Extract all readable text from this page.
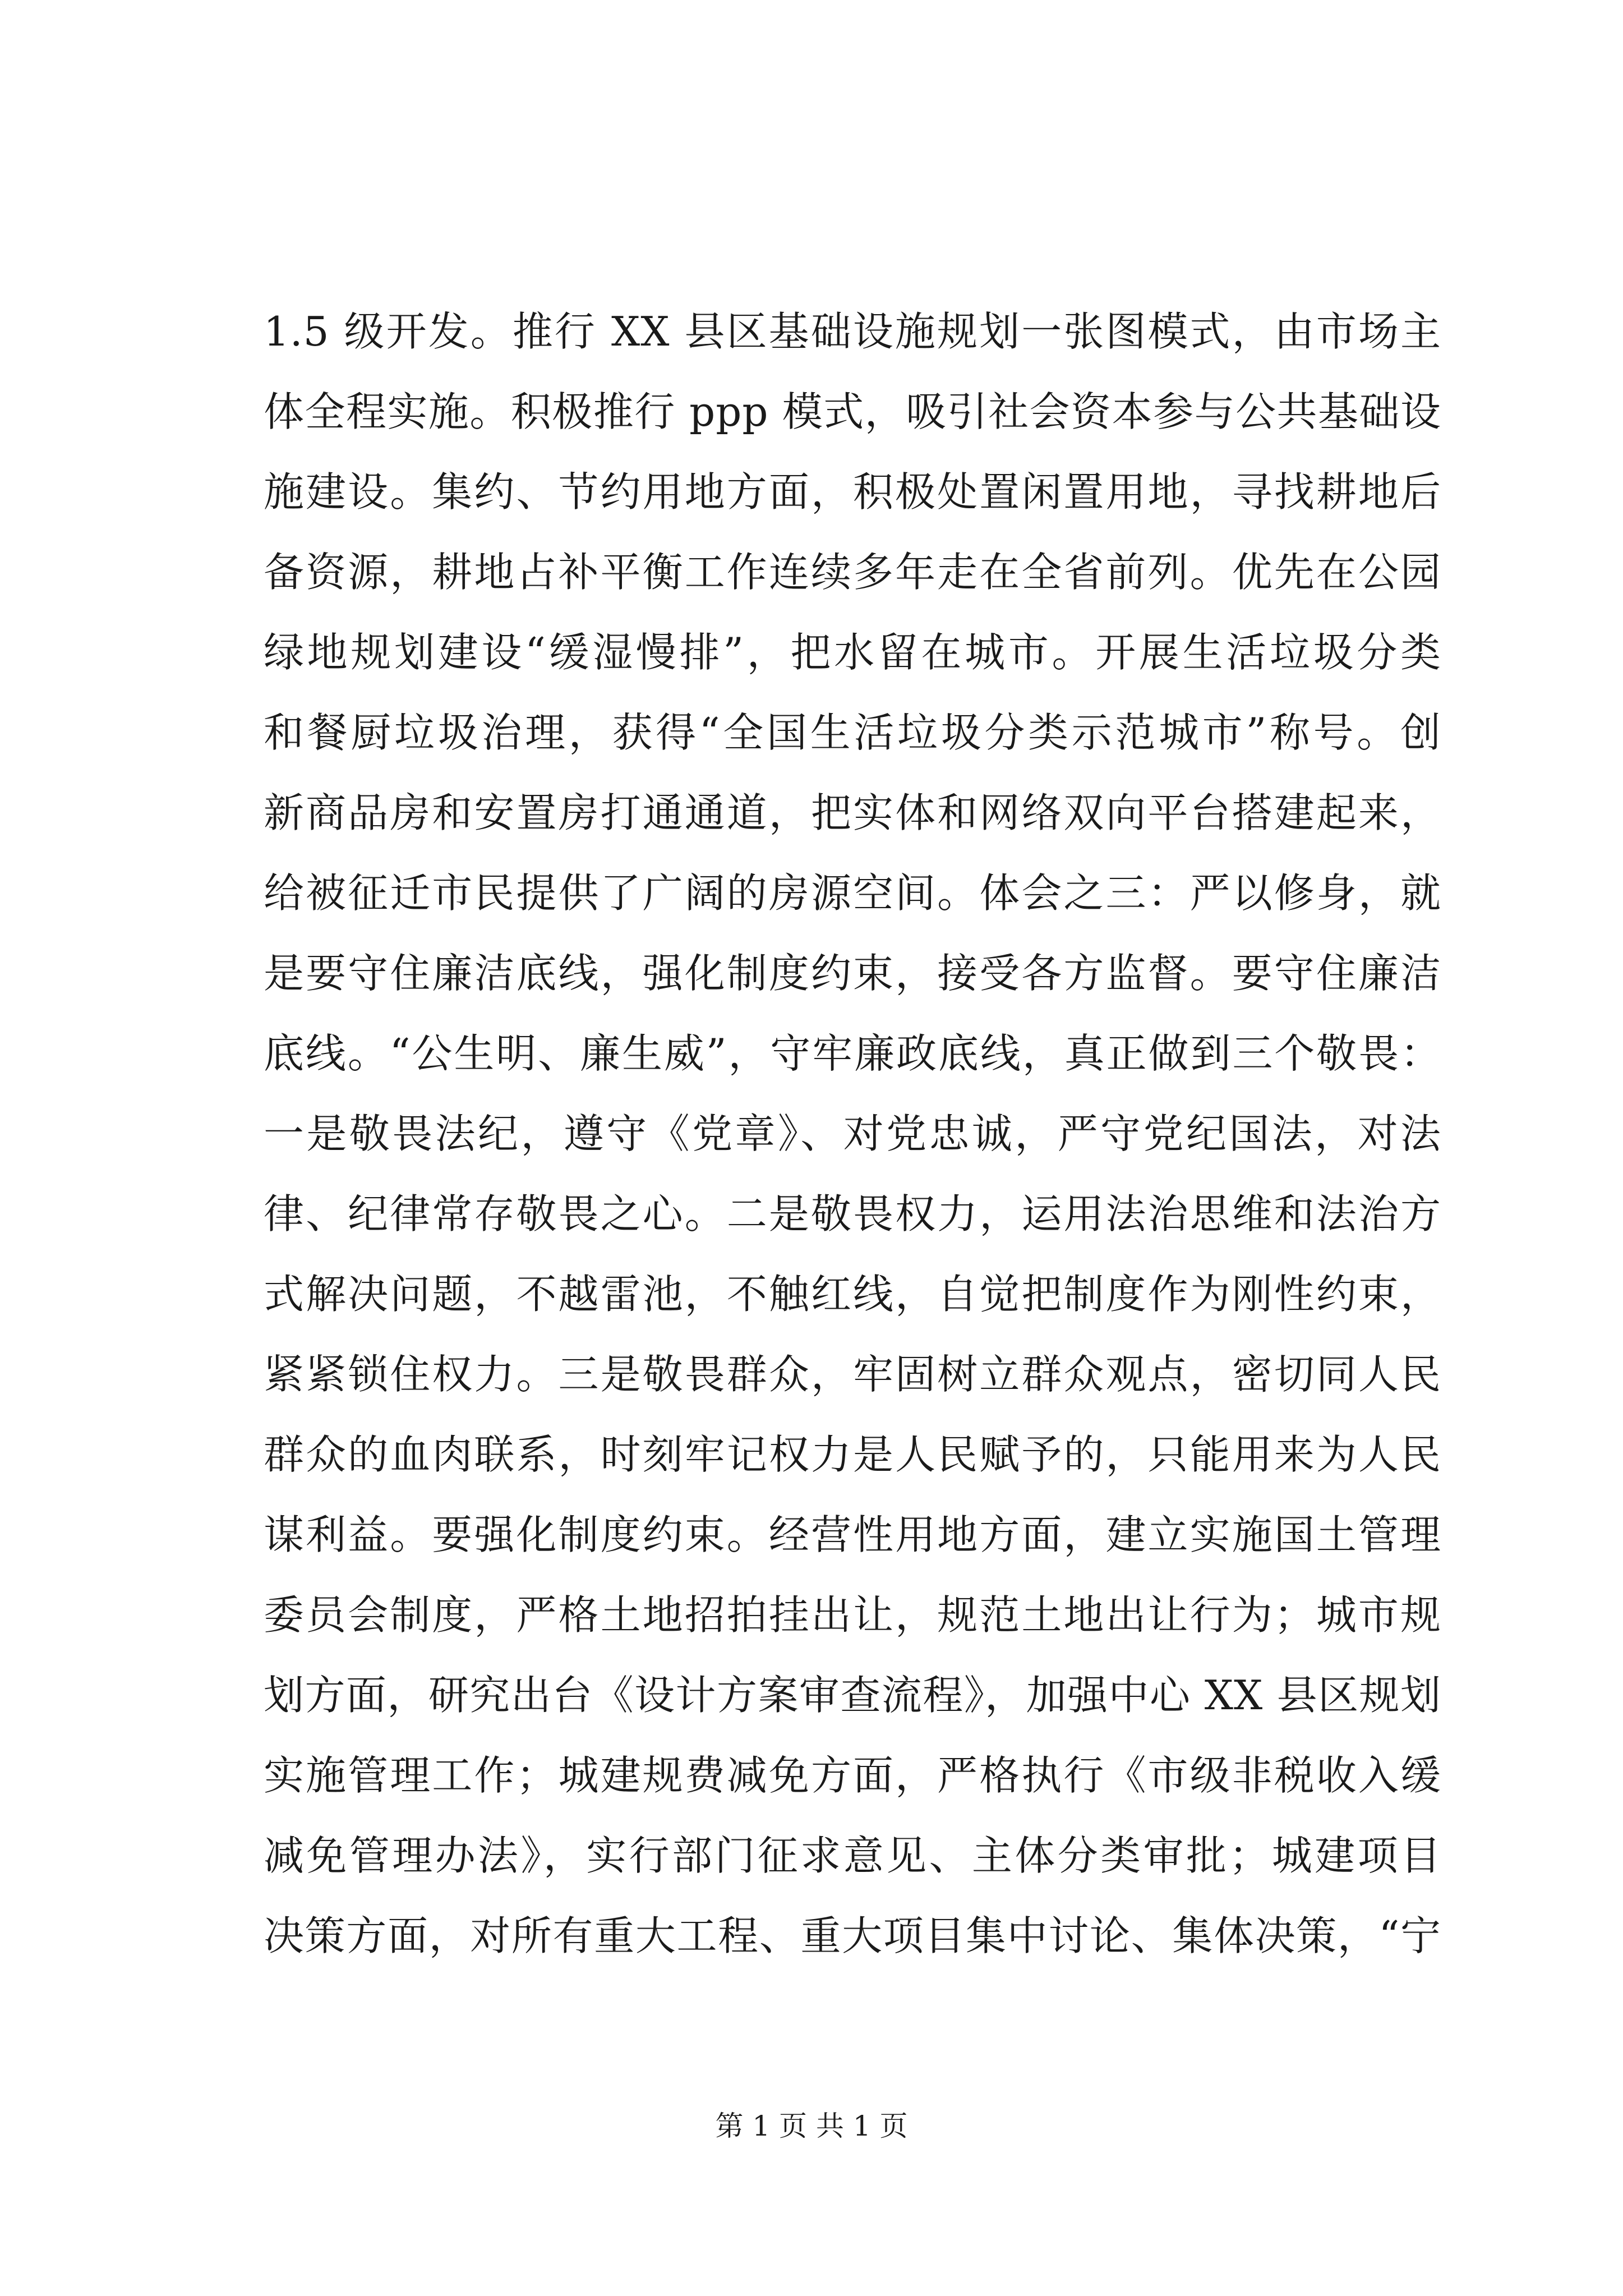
1.5 级开发。推行 XX 县区基础设施规划一张图模式，由市场主
体全程实施。积极推行 ppp 模式，吸引社会资本参与公共基础设
施建设。集约、节约用地方面，积极处置闲置用地，寻找耕地后
备资源，耕地占补平衡工作连续多年走在全省前列。优先在公园
绿地规划建设“缓湿慢排”，把水留在城市。开展生活垃圾分类
和餐厨垃圾治理，获得“全国生活垃圾分类示范城市”称号。创
新商品房和安置房打通通道，把实体和网络双向平台搭建起来，
给被征迁市民提供了广阔的房源空间。体会之三：严以修身，就
是要守住廉洁底线，强化制度约束，接受各方监督。要守住廉洁
底线。“公生明、廉生威”，守牢廉政底线，真正做到三个敬畏：
一是敬畏法纪，遵守《党章》、对党忠诚，严守党纪国法，对法
律、纪律常存敬畏之心。二是敬畏权力，运用法治思维和法治方
式解决问题，不越雷池，不触红线，自觉把制度作为刚性约束，
紧紧锁住权力。三是敬畏群众，牢固树立群众观点，密切同人民
群众的血肉联系，时刻牢记权力是人民赋予的，只能用来为人民
谋利益。要强化制度约束。经营性用地方面，建立实施国土管理
委员会制度，严格土地招拍挂出让，规范土地出让行为；城市规
划方面，研究出台《设计方案审查流程》，加强中心 XX 县区规划
实施管理工作；城建规费减免方面，严格执行《市级非税收入缓
减免管理办法》，实行部门征求意见、主体分类审批；城建项目
决策方面，对所有重大工程、重大项目集中讨论、集体决策，“宁
第 1 页 共 1 页
